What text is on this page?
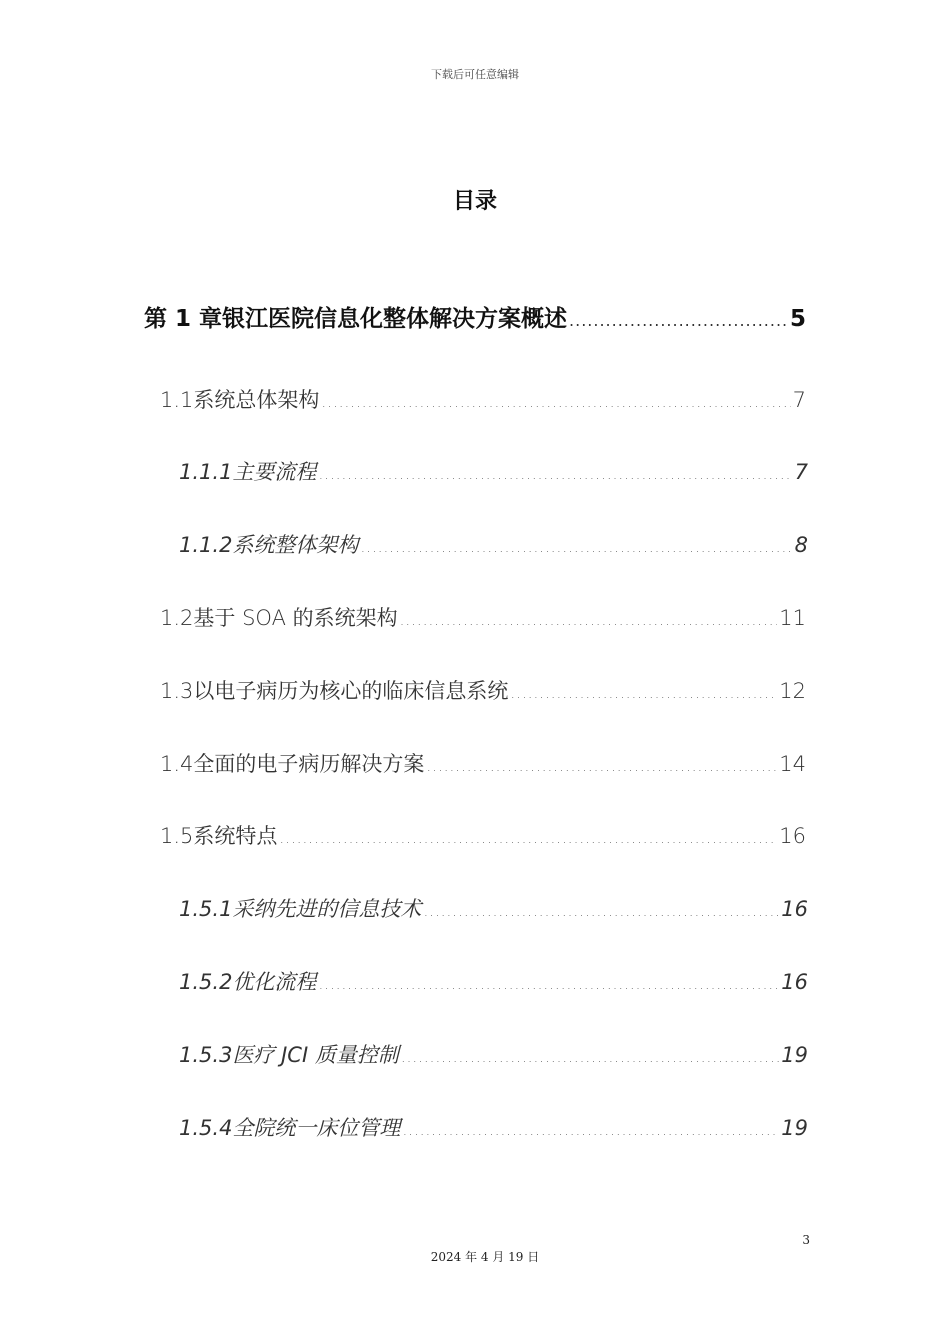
下载后可任意编辑
目录
第 1 章 银江医院信息化整体解决方案概述 .....	5
1.1 系统总体架构 .....	7
1.1.1 主要流程 .....	7
1.1.2 系统整体架构 .....	8
1.2 基于 SOA 的系统架构 .....	11
1.3 以电子病历为核心的临床信息系统 .....	12
1.4 全面的电子病历解决方案 .....	14
1.5 系统特点 .....	16
1.5.1 采纳先进的信息技术 .....	16
1.5.2 优化流程 .....	16
1.5.3 医疗 JCI 质量控制 .....	19
1.5.4 全院统一床位管理 .....	19
3
2024 年 4 月 19 日
